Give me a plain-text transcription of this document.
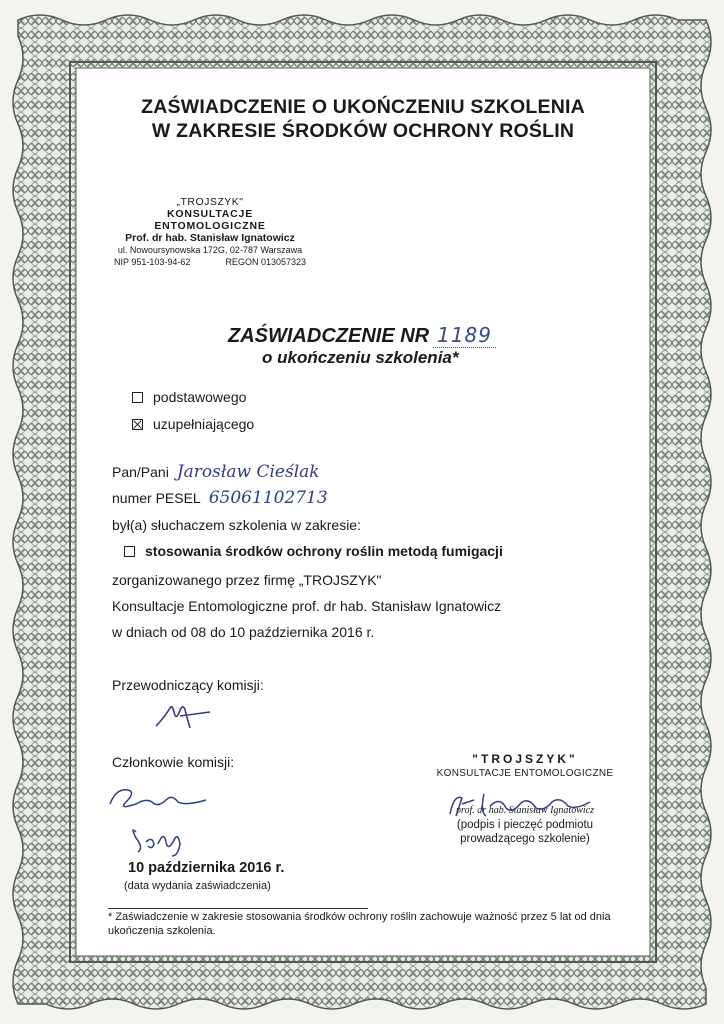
ZAŚWIADCZENIE O UKOŃCZENIU SZKOLENIA
W ZAKRESIE ŚRODKÓW OCHRONY ROŚLIN
„TROJSZYK"
KONSULTACJE ENTOMOLOGICZNE
Prof. dr hab. Stanisław Ignatowicz
ul. Nowoursynowska 172G, 02-787 Warszawa
NIP 951-103-94-62	REGON 013057323
ZAŚWIADCZENIE NR 1189
o ukończeniu szkolenia*
podstawowego
uzupełniającego
Pan/Pani Jarosław Cieślak
numer PESEL 65061102713
był(a) słuchaczem szkolenia w zakresie:
stosowania środków ochrony roślin metodą fumigacji
zorganizowanego przez firmę „TROJSZYK"
Konsultacje Entomologiczne prof. dr hab. Stanisław Ignatowicz
w dniach od 08 do 10 października 2016 r.
Przewodniczący komisji:
Członkowie komisji:	"TROJSZYK"
KONSULTACJE ENTOMOLOGICZNE
prof. dr hab. Stanisław Ignatowicz
(podpis i pieczęć podmiotu prowadzącego szkolenie)
10 października 2016 r.
(data wydania zaświadczenia)
* Zaświadczenie w zakresie stosowania środków ochrony roślin zachowuje ważność przez 5 lat od dnia ukończenia szkolenia.
